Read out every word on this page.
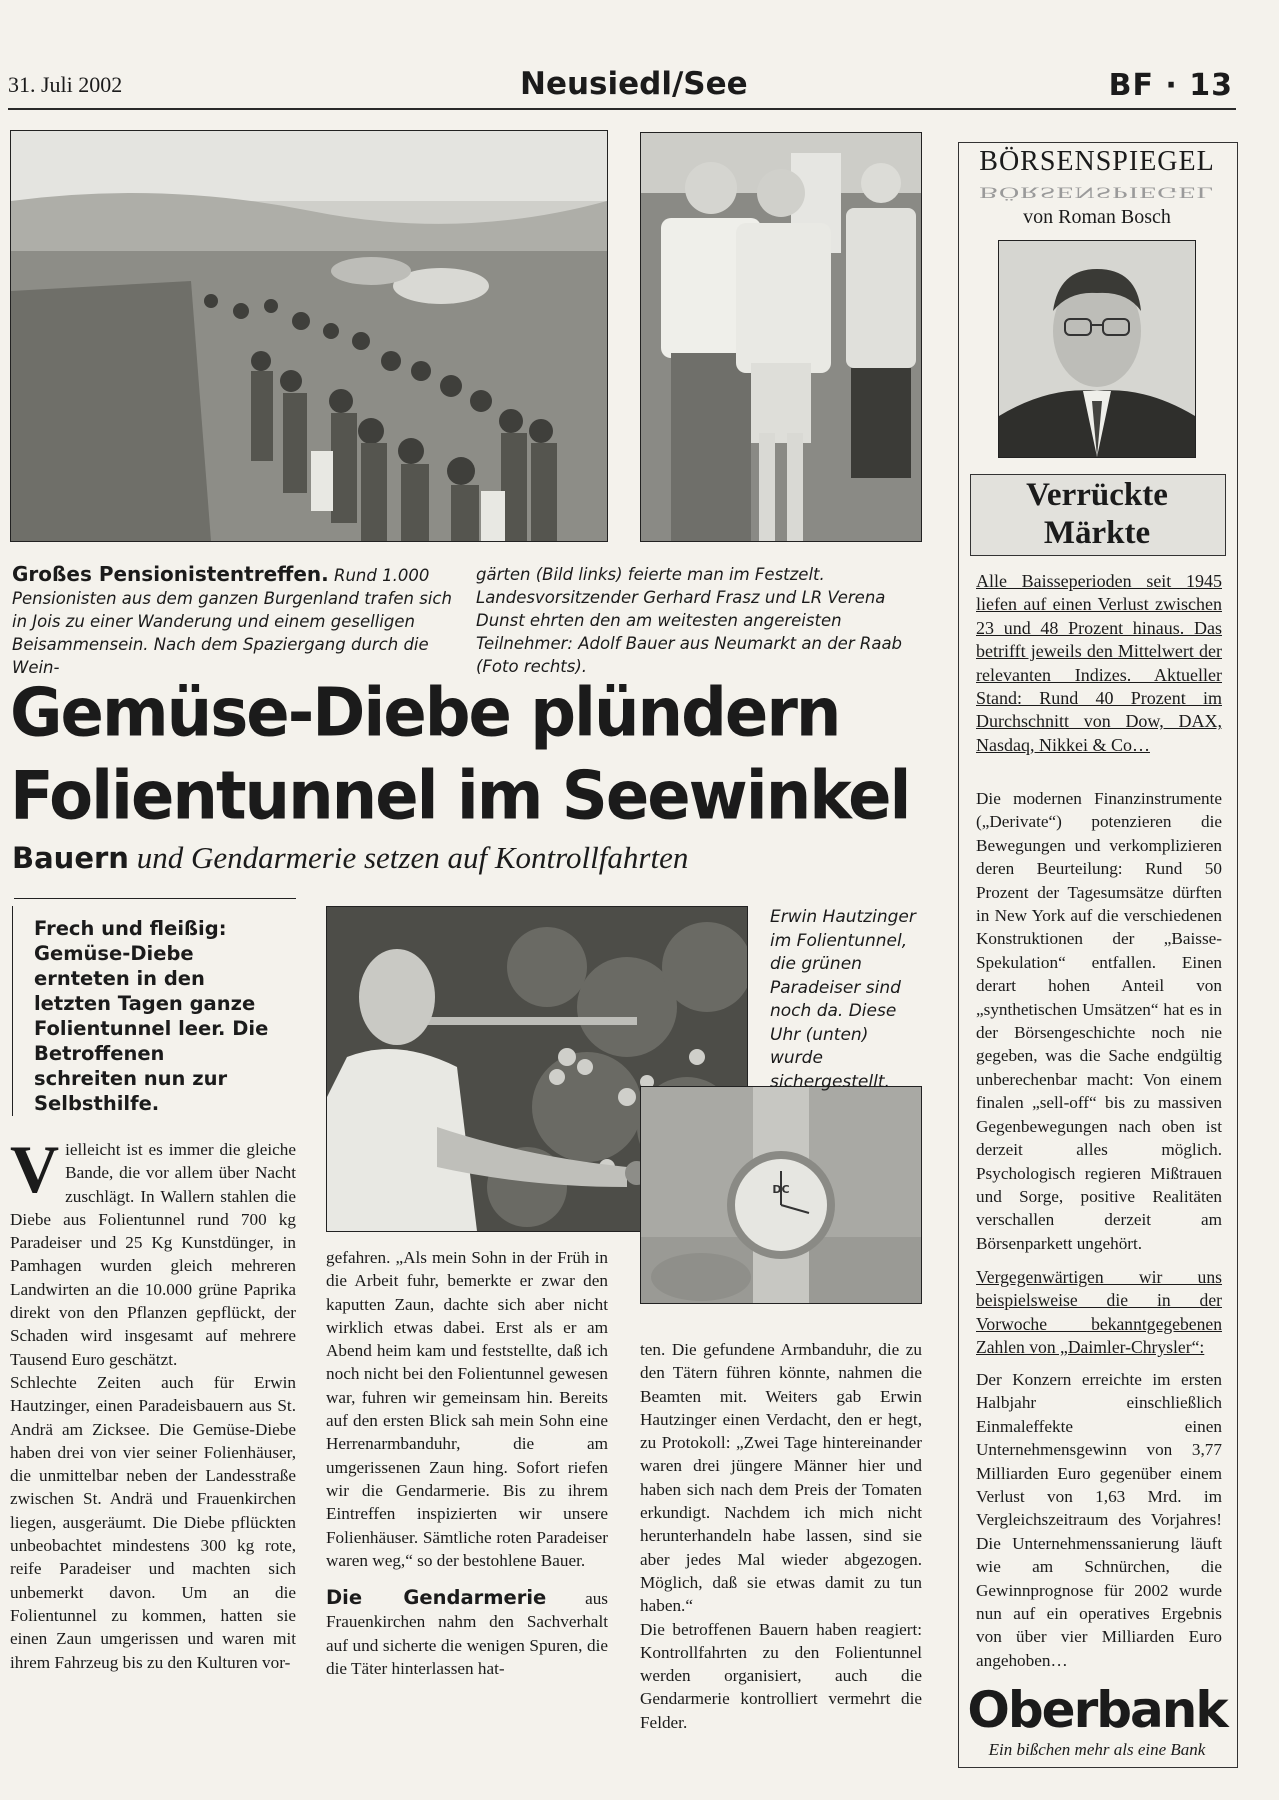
31. Juli 2002	Neusiedl/See	BF · 13
Großes Pensionistentreffen. Rund 1.000 Pensionisten aus dem ganzen Burgenland trafen sich in Jois zu einer Wanderung und einem geselligen Beisammensein. Nach dem Spaziergang durch die Wein-
gärten (Bild links) feierte man im Festzelt. Landesvorsitzender Gerhard Frasz und LR Verena Dunst ehrten den am weitesten angereisten Teilnehmer: Adolf Bauer aus Neumarkt an der Raab (Foto rechts).
Gemüse-Diebe plündern
Folientunnel im Seewinkel
Bauern und Gendarmerie setzen auf Kontrollfahrten
Frech und fleißig: Gemüse-Diebe ernteten in den letzten Tagen ganze Folientunnel leer. Die Betroffenen schreiten nun zur Selbsthilfe.
DC
Erwin Hautzinger im Folientunnel, die grünen Paradeiser sind noch da. Diese Uhr (unten) wurde sichergestellt.
V ielleicht ist es immer die gleiche Bande, die vor allem über Nacht zuschlägt. In Wallern stahlen die Diebe aus Folientunnel rund 700 kg Paradeiser und 25 Kg Kunstdünger, in Pamhagen wurden gleich mehreren Landwirten an die 10.000 grüne Paprika direkt von den Pflanzen gepflückt, der Schaden wird insgesamt auf mehrere Tausend Euro geschätzt.

Schlechte Zeiten auch für Erwin Hautzinger, einen Paradeisbauern aus St. Andrä am Zicksee. Die Gemüse-Diebe haben drei von vier seiner Folienhäuser, die unmittelbar neben der Landesstraße zwischen St. Andrä und Frauenkirchen liegen, ausgeräumt. Die Diebe pflückten unbeobachtet mindestens 300 kg rote, reife Paradeiser und machten sich unbemerkt davon. Um an die Folientunnel zu kommen, hatten sie einen Zaun umgerissen und waren mit ihrem Fahrzeug bis zu den Kulturen vor-

gefahren. „Als mein Sohn in der Früh in die Arbeit fuhr, bemerkte er zwar den kaputten Zaun, dachte sich aber nicht wirklich etwas dabei. Erst als er am Abend heim kam und feststellte, daß ich noch nicht bei den Folientunnel gewesen war, fuhren wir gemeinsam hin. Bereits auf den ersten Blick sah mein Sohn eine Herrenarmbanduhr, die am umgerissenen Zaun hing. Sofort riefen wir die Gendarmerie. Bis zu ihrem Eintreffen inspizierten wir unsere Folienhäuser. Sämtliche roten Paradeiser waren weg,“ so der bestohlene Bauer.

Die Gendarmerie aus Frauenkirchen nahm den Sachverhalt auf und sicherte die wenigen Spuren, die die Täter hinterlassen hat-

ten. Die gefundene Armbanduhr, die zu den Tätern führen könnte, nahmen die Beamten mit. Weiters gab Erwin Hautzinger einen Verdacht, den er hegt, zu Protokoll: „Zwei Tage hintereinander waren drei jüngere Männer hier und haben sich nach dem Preis der Tomaten erkundigt. Nachdem ich mich nicht herunterhandeln habe lassen, sind sie aber jedes Mal wieder abgezogen. Möglich, daß sie etwas damit zu tun haben.“

Die betroffenen Bauern haben reagiert: Kontrollfahrten zu den Folientunnel werden organisiert, auch die Gendarmerie kontrolliert vermehrt die Felder.

BÖRSENSPIEGEL
BÖRSENSPIEGEL
von Roman Bosch
Verrückte
Märkte
Alle Baisseperioden seit 1945 liefen auf einen Verlust zwischen 23 und 48 Prozent hinaus. Das betrifft jeweils den Mittelwert der relevanten Indizes. Aktueller Stand: Rund 40 Prozent im Durchschnitt von Dow, DAX, Nasdaq, Nikkei & Co…
Die modernen Finanzinstrumente („Derivate“) potenzieren die Bewegungen und verkomplizieren deren Beurteilung: Rund 50 Prozent der Tagesumsätze dürften in New York auf die verschiedenen Konstruktionen der „Baisse-Spekulation“ entfallen. Einen derart hohen Anteil von „synthetischen Umsätzen“ hat es in der Börsengeschichte noch nie gegeben, was die Sache endgültig unberechenbar macht: Von einem finalen „sell-off“ bis zu massiven Gegenbewegungen nach oben ist derzeit alles möglich. Psychologisch regieren Mißtrauen und Sorge, positive Realitäten verschallen derzeit am Börsenparkett ungehört.
Vergegenwärtigen wir uns beispielsweise die in der Vorwoche bekanntgegebenen Zahlen von „Daimler-Chrysler“:
Der Konzern erreichte im ersten Halbjahr einschließlich Einmaleffekte einen Unternehmensgewinn von 3,77 Milliarden Euro gegenüber einem Verlust von 1,63 Mrd. im Vergleichszeitraum des Vorjahres! Die Unternehmenssanierung läuft wie am Schnürchen, die Gewinnprognose für 2002 wurde nun auf ein operatives Ergebnis von über vier Milliarden Euro angehoben…
Oberbank
Ein bißchen mehr als eine Bank
